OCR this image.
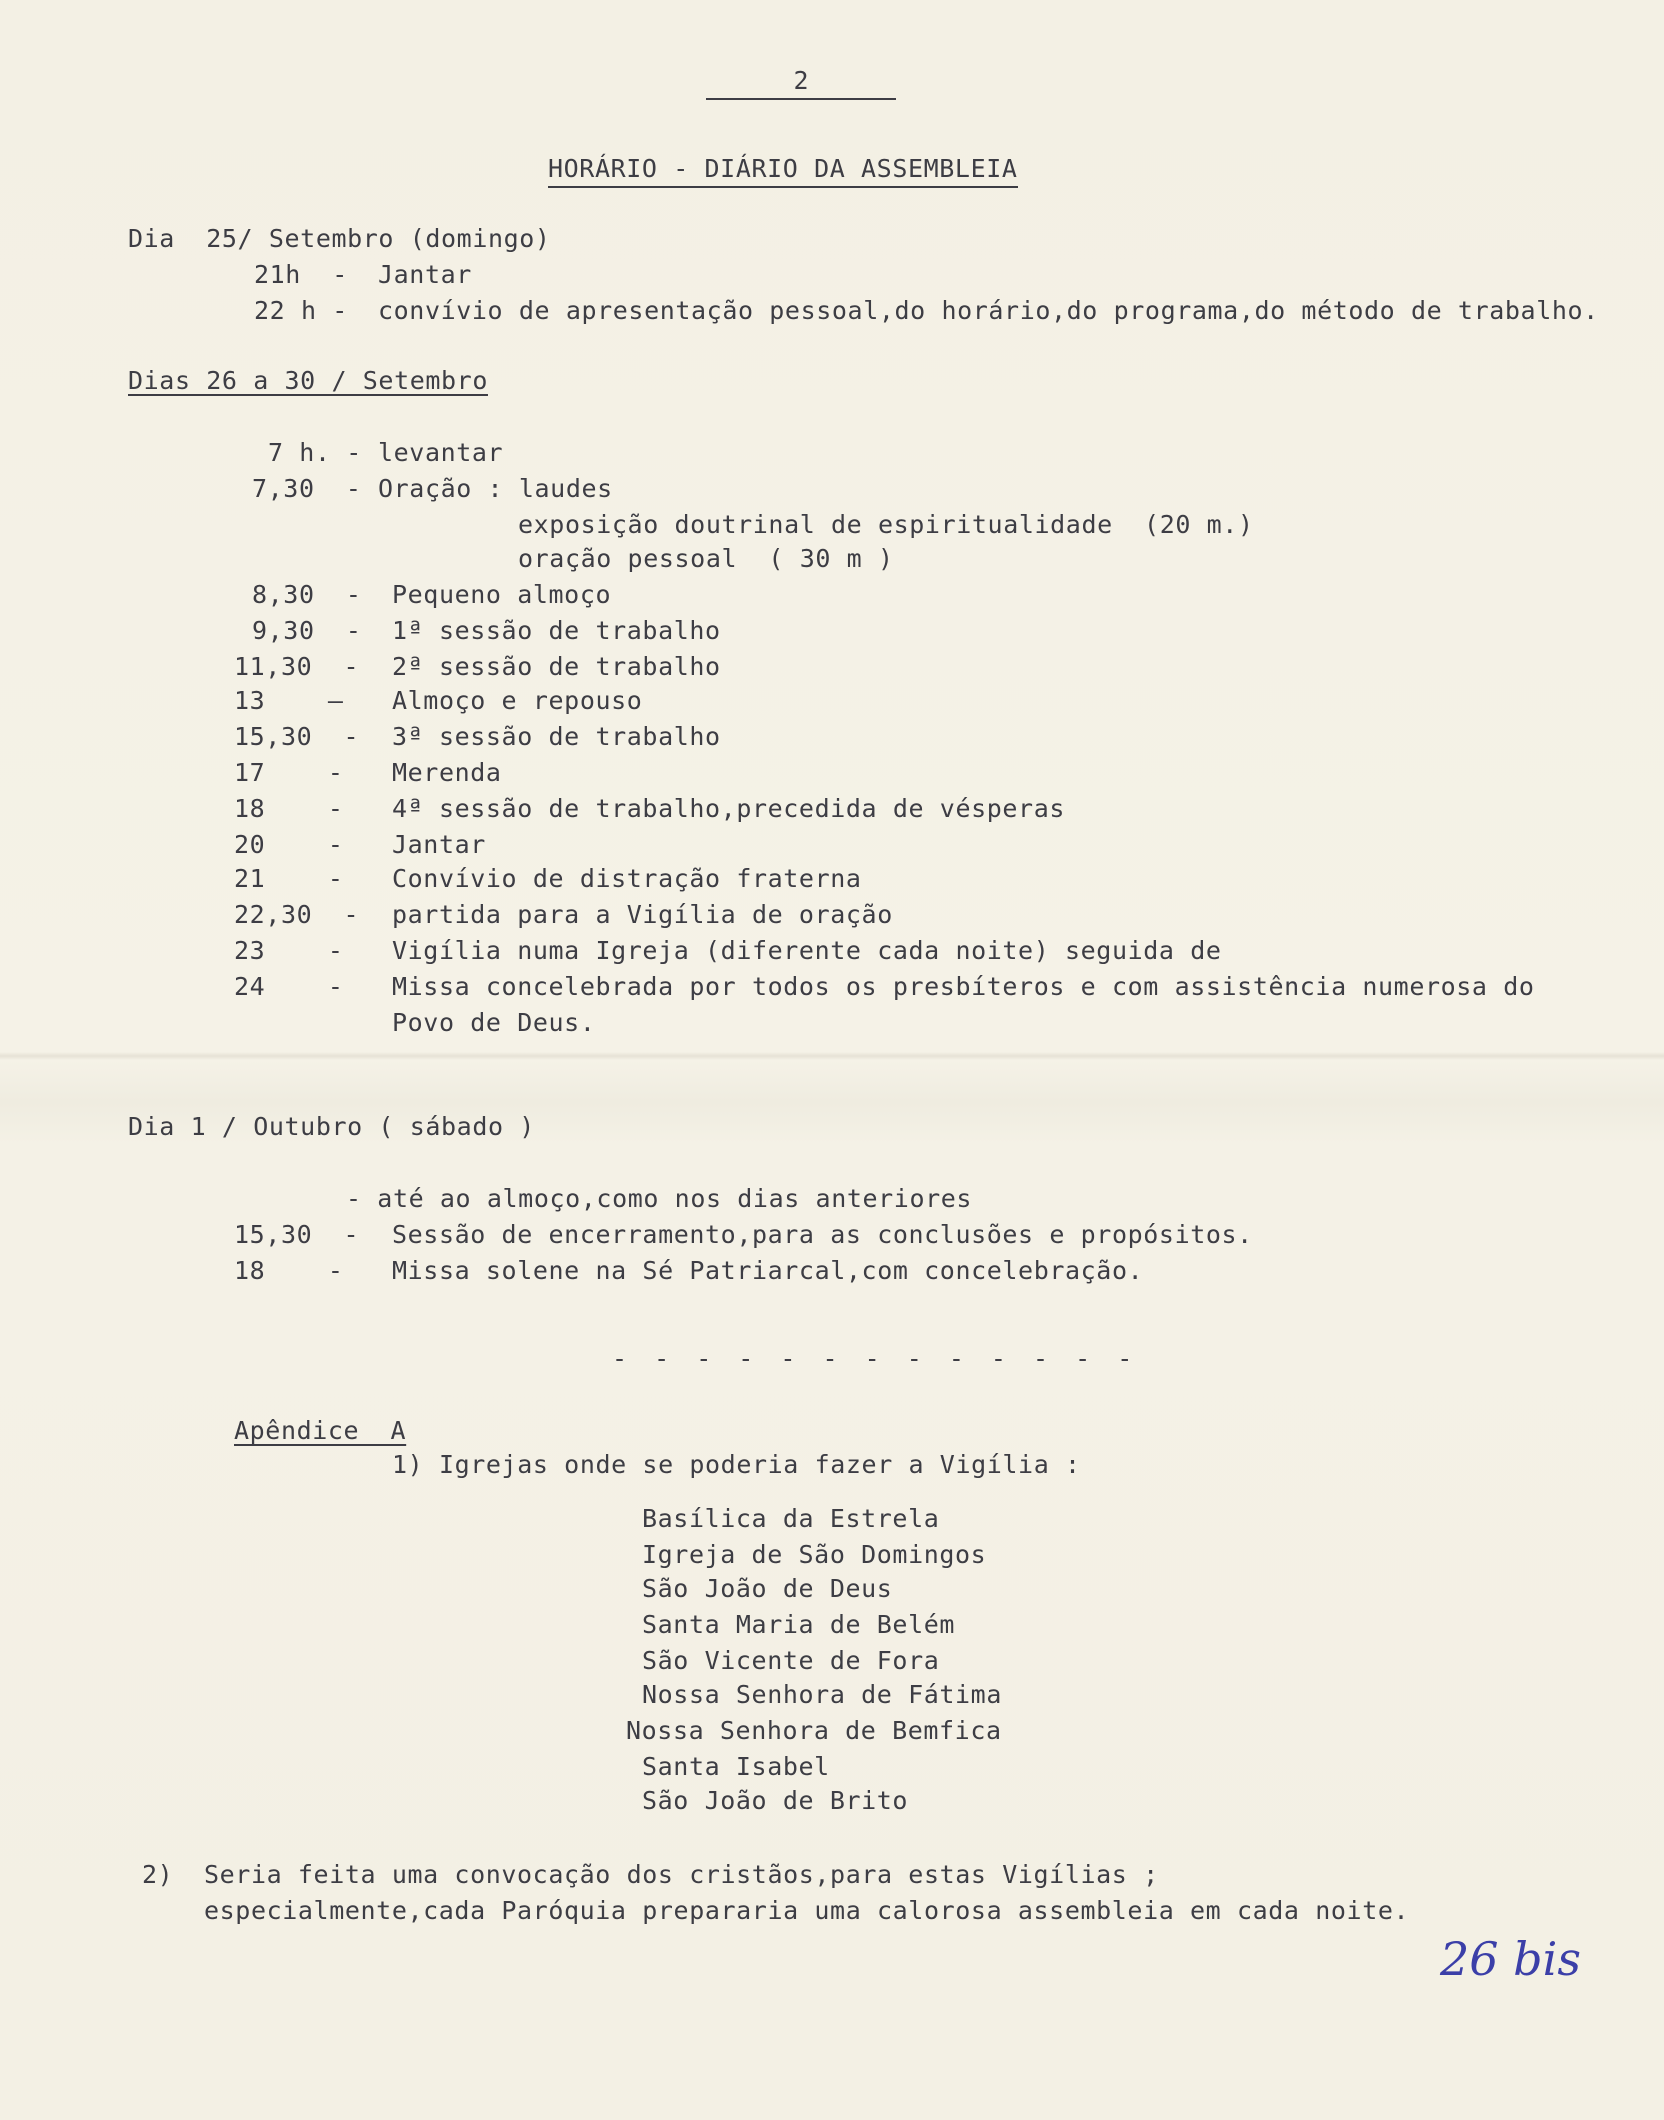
2
HORÁRIO - DIÁRIO DA ASSEMBLEIA
Dia  25/ Setembro (domingo)
21h  - Jantar
22 h - convívio de apresentação pessoal,do horário,do programa,do método de trabalho.
Dias 26 a 30 / Setembro
7 h. - levantar
7,30  - Oração : laudes
exposição doutrinal de espiritualidade  (20 m.)
oração pessoal  ( 30 m )
8,30  - Pequeno almoço
9,30  - 1ª sessão de trabalho
11,30  - 2ª sessão de trabalho
13    — Almoço e repouso
15,30  - 3ª sessão de trabalho
17    - Merenda
18    - 4ª sessão de trabalho,precedida de vésperas
20    - Jantar
21    - Convívio de distração fraterna
22,30  - partida para a Vigília de oração
23    - Vigília numa Igreja (diferente cada noite) seguida de
24    - Missa concelebrada por todos os presbíteros e com assistência numerosa do
Povo de Deus.
Dia 1 / Outubro ( sábado )
- até ao almoço,como nos dias anteriores
15,30  - Sessão de encerramento,para as conclusões e propósitos.
18    - Missa solene na Sé Patriarcal,com concelebração.
- - - - - - - - - - - - -
Apêndice  A
1) Igrejas onde se poderia fazer a Vigília :
Basílica da Estrela
Igreja de São Domingos
São João de Deus
Santa Maria de Belém
São Vicente de Fora
Nossa Senhora de Fátima
Nossa Senhora de Bemfica
Santa Isabel
São João de Brito
2) Seria feita uma convocação dos cristãos,para estas Vigílias ;
especialmente,cada Paróquia prepararia uma calorosa assembleia em cada noite.
26 bis
